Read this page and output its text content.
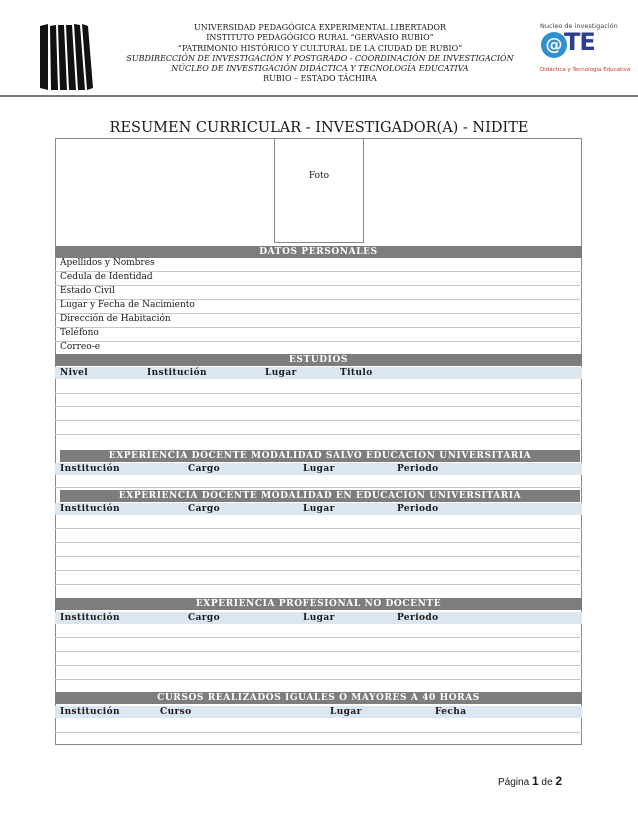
UNIVERSIDAD PEDAGÓGICA EXPERIMENTAL LIBERTADOR
INSTITUTO PEDAGÓGICO RURAL “GERVASIO RUBIO”
“PATRIMONIO HISTÓRICO Y CULTURAL DE LA CIUDAD DE RUBIO”
SUBDIRECCIÓN DE INVESTIGACIÓN Y POSTGRADO - COORDINACIÓN DE INVESTIGACIÓN
NÚCLEO DE INVESTIGACIÓN DIDÁCTICA Y TECNOLOGÍA EDUCATIVA
RUBIO – ESTADO TÁCHIRA
Nucleo de investigación
@ TE
Didáctica y Tecnología Educativa
RESUMEN CURRICULAR - INVESTIGADOR(A) - NIDITE
Foto
DATOS PERSONALES
Apellidos y Nombres
Cedula de Identidad
Estado Civil
Lugar y Fecha de Nacimiento
Dirección de Habitación
Teléfono
Correo-e
ESTUDIOS
Nivel	Institución	Lugar	Titulo
EXPERIENCIA DOCENTE MODALIDAD SALVO EDUCACIÓN UNIVERSITARIA
Institución	Cargo	Lugar	Periodo
EXPERIENCIA DOCENTE MODALIDAD EN EDUCACIÓN UNIVERSITARIA
Institución	Cargo	Lugar	Periodo
EXPERIENCIA PROFESIONAL NO DOCENTE
Institución	Cargo	Lugar	Periodo
CURSOS REALIZADOS IGUALES O MAYORES A 40 HORAS
Institución	Curso	Lugar	Fecha
Página 1 de 2
